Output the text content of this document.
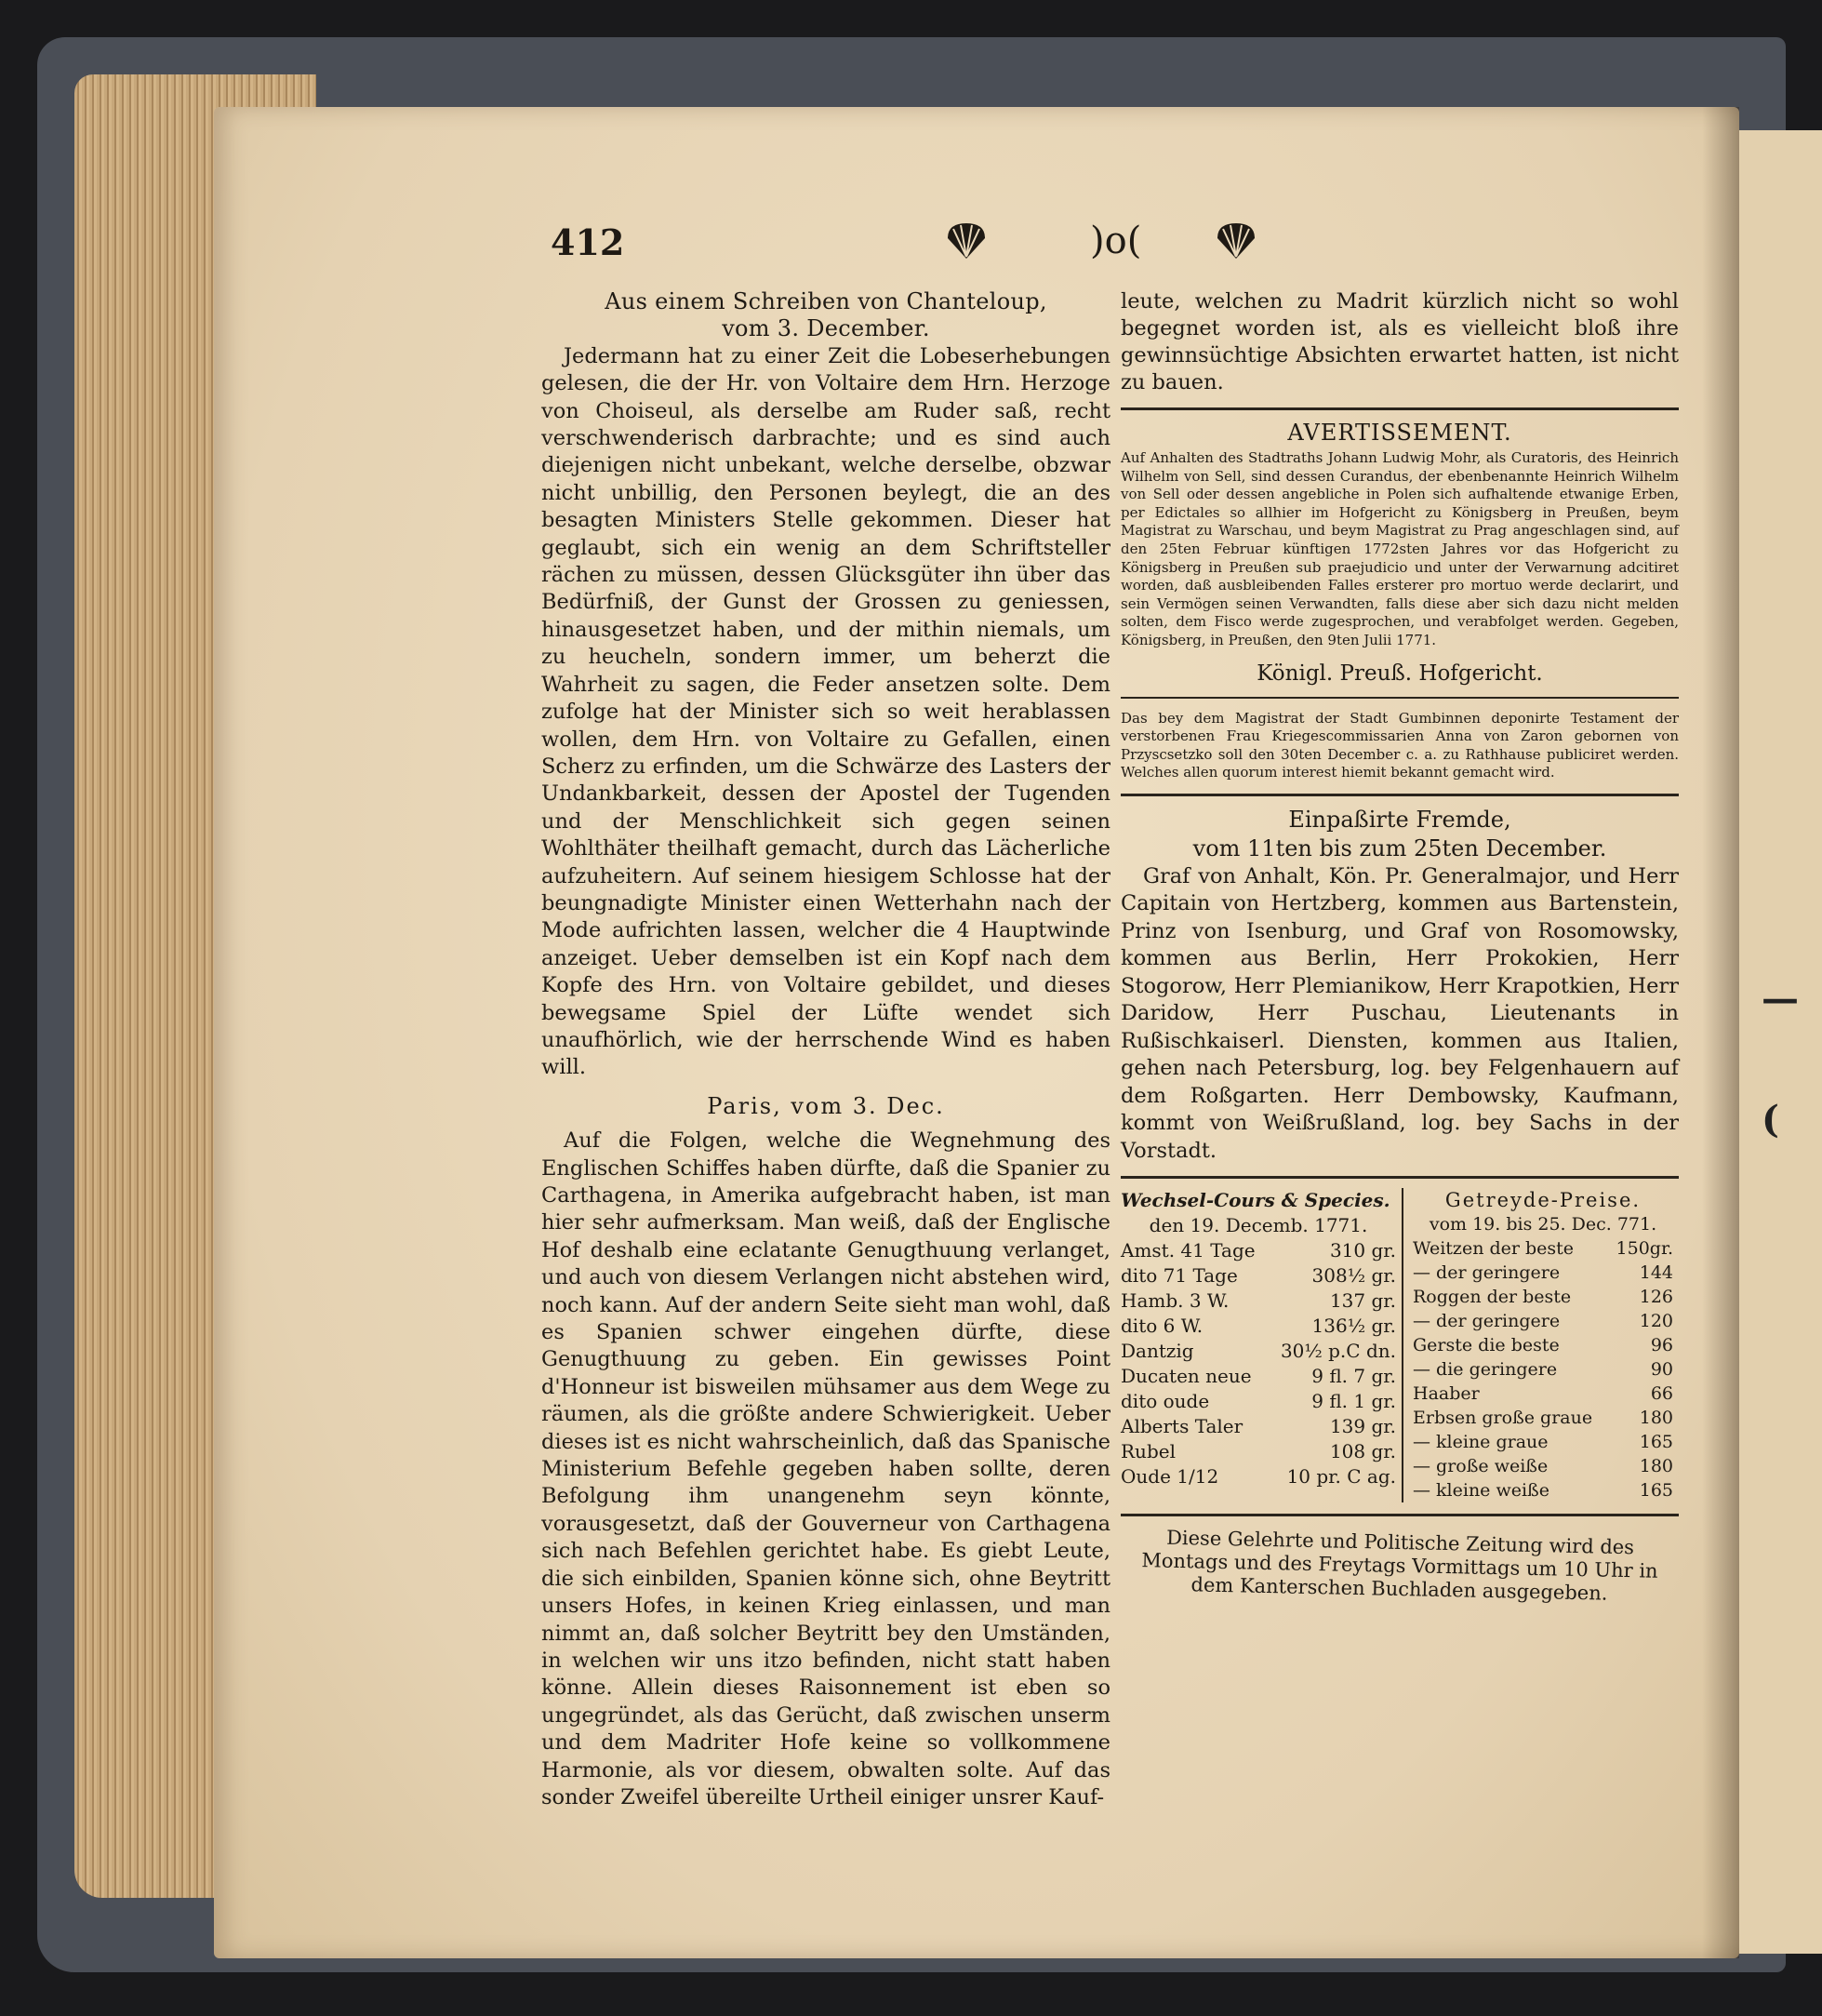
—
(
412	)o(

Aus einem Schreiben von Chanteloup,

vom 3. December.

Jedermann hat zu einer Zeit die Lobeserhebungen gelesen, die der Hr. von Voltaire dem Hrn. Herzoge von Choiseul, als derselbe am Ruder saß, recht verschwenderisch darbrachte; und es sind auch diejenigen nicht unbekant, welche derselbe, obzwar nicht unbillig, den Personen beylegt, die an des besagten Ministers Stelle gekommen. Dieser hat geglaubt, sich ein wenig an dem Schriftsteller rächen zu müssen, dessen Glücksgüter ihn über das Bedürfniß, der Gunst der Grossen zu geniessen, hinausgesetzet haben, und der mithin niemals, um zu heucheln, sondern immer, um beherzt die Wahrheit zu sagen, die Feder ansetzen solte. Dem zufolge hat der Minister sich so weit herablassen wollen, dem Hrn. von Voltaire zu Gefallen, einen Scherz zu erfinden, um die Schwärze des Lasters der Undankbarkeit, dessen der Apostel der Tugenden und der Menschlichkeit sich gegen seinen Wohlthäter theilhaft gemacht, durch das Lächerliche aufzuheitern. Auf seinem hiesigem Schlosse hat der beungnadigte Minister einen Wetterhahn nach der Mode aufrichten lassen, welcher die 4 Hauptwinde anzeiget. Ueber demselben ist ein Kopf nach dem Kopfe des Hrn. von Voltaire gebildet, und dieses bewegsame Spiel der Lüfte wendet sich unaufhörlich, wie der herrschende Wind es haben will.

Paris, vom 3. Dec.

Auf die Folgen, welche die Wegnehmung des Englischen Schiffes haben dürfte, daß die Spanier zu Carthagena, in Amerika aufgebracht haben, ist man hier sehr aufmerksam. Man weiß, daß der Englische Hof deshalb eine eclatante Genugthuung verlanget, und auch von diesem Verlangen nicht abstehen wird, noch kann. Auf der andern Seite sieht man wohl, daß es Spanien schwer eingehen dürfte, diese Genugthuung zu geben. Ein gewisses Point d'Honneur ist bisweilen mühsamer aus dem Wege zu räumen, als die größte andere Schwierigkeit. Ueber dieses ist es nicht wahrscheinlich, daß das Spanische Ministerium Befehle gegeben haben sollte, deren Befolgung ihm unangenehm seyn könnte, vorausgesetzt, daß der Gouverneur von Carthagena sich nach Befehlen gerichtet habe. Es giebt Leute, die sich einbilden, Spanien könne sich, ohne Beytritt unsers Hofes, in keinen Krieg einlassen, und man nimmt an, daß solcher Beytritt bey den Umständen, in welchen wir uns itzo befinden, nicht statt haben könne. Allein dieses Raisonnement ist eben so ungegründet, als das Gerücht, daß zwischen unserm und dem Madriter Hofe keine so vollkommene Harmonie, als vor diesem, obwalten solte. Auf das sonder Zweifel übereilte Urtheil einiger unsrer Kauf-

leute, welchen zu Madrit kürzlich nicht so wohl begegnet worden ist, als es vielleicht bloß ihre gewinnsüchtige Absichten erwartet hatten, ist nicht zu bauen.

AVERTISSEMENT.

Auf Anhalten des Stadtraths Johann Ludwig Mohr, als Curatoris, des Heinrich Wilhelm von Sell, sind dessen Curandus, der ebenbenannte Heinrich Wilhelm von Sell oder dessen angebliche in Polen sich aufhaltende etwanige Erben, per Edictales so allhier im Hofgericht zu Königsberg in Preußen, beym Magistrat zu Warschau, und beym Magistrat zu Prag angeschlagen sind, auf den 25ten Februar künftigen 1772sten Jahres vor das Hofgericht zu Königsberg in Preußen sub praejudicio und unter der Verwarnung adcitiret worden, daß ausbleibenden Falles ersterer pro mortuo werde declarirt, und sein Vermögen seinen Verwandten, falls diese aber sich dazu nicht melden solten, dem Fisco werde zugesprochen, und verabfolget werden. Gegeben, Königsberg, in Preußen, den 9ten Julii 1771.

Königl. Preuß. Hofgericht.

Das bey dem Magistrat der Stadt Gumbinnen deponirte Testament der verstorbenen Frau Kriegescommissarien Anna von Zaron gebornen von Przyscsetzko soll den 30ten December c. a. zu Rathhause publiciret werden. Welches allen quorum interest hiemit bekannt gemacht wird.

Einpaßirte Fremde,

vom 11ten bis zum 25ten December.

Graf von Anhalt, Kön. Pr. Generalmajor, und Herr Capitain von Hertzberg, kommen aus Bartenstein, Prinz von Isenburg, und Graf von Rosomowsky, kommen aus Berlin, Herr Prokokien, Herr Stogorow, Herr Plemianikow, Herr Krapotkien, Herr Daridow, Herr Puschau, Lieutenants in Rußischkaiserl. Diensten, kommen aus Italien, gehen nach Petersburg, log. bey Felgenhauern auf dem Roßgarten. Herr Dembowsky, Kaufmann, kommt von Weißrußland, log. bey Sachs in der Vorstadt.

Wechsel-Cours & Species.
den 19. Decemb. 1771.
Amst. 41 Tage	310 gr.
dito 71 Tage	308½ gr.
Hamb. 3 W.	137 gr.
dito 6 W.	136½ gr.
Dantzig	30½ p.C dn.
Ducaten neue	9 fl. 7 gr.
dito oude	9 fl. 1 gr.
Alberts Taler	139 gr.
Rubel	108 gr.
Oude 1/12	10 pr. C ag.
Getreyde-Preise.
vom 19. bis 25. Dec. 771.
Weitzen der beste 150gr.
— der geringere	144
Roggen der beste	126
— der geringere	120
Gerste die beste	96
— die geringere	90
Haaber	66
Erbsen große graue	180
— kleine graue	165
— große weiße	180
— kleine weiße	165

Diese Gelehrte und Politische Zeitung wird des Montags und des Freytags Vormittags um 10 Uhr in dem Kanterschen Buchladen ausgegeben.
